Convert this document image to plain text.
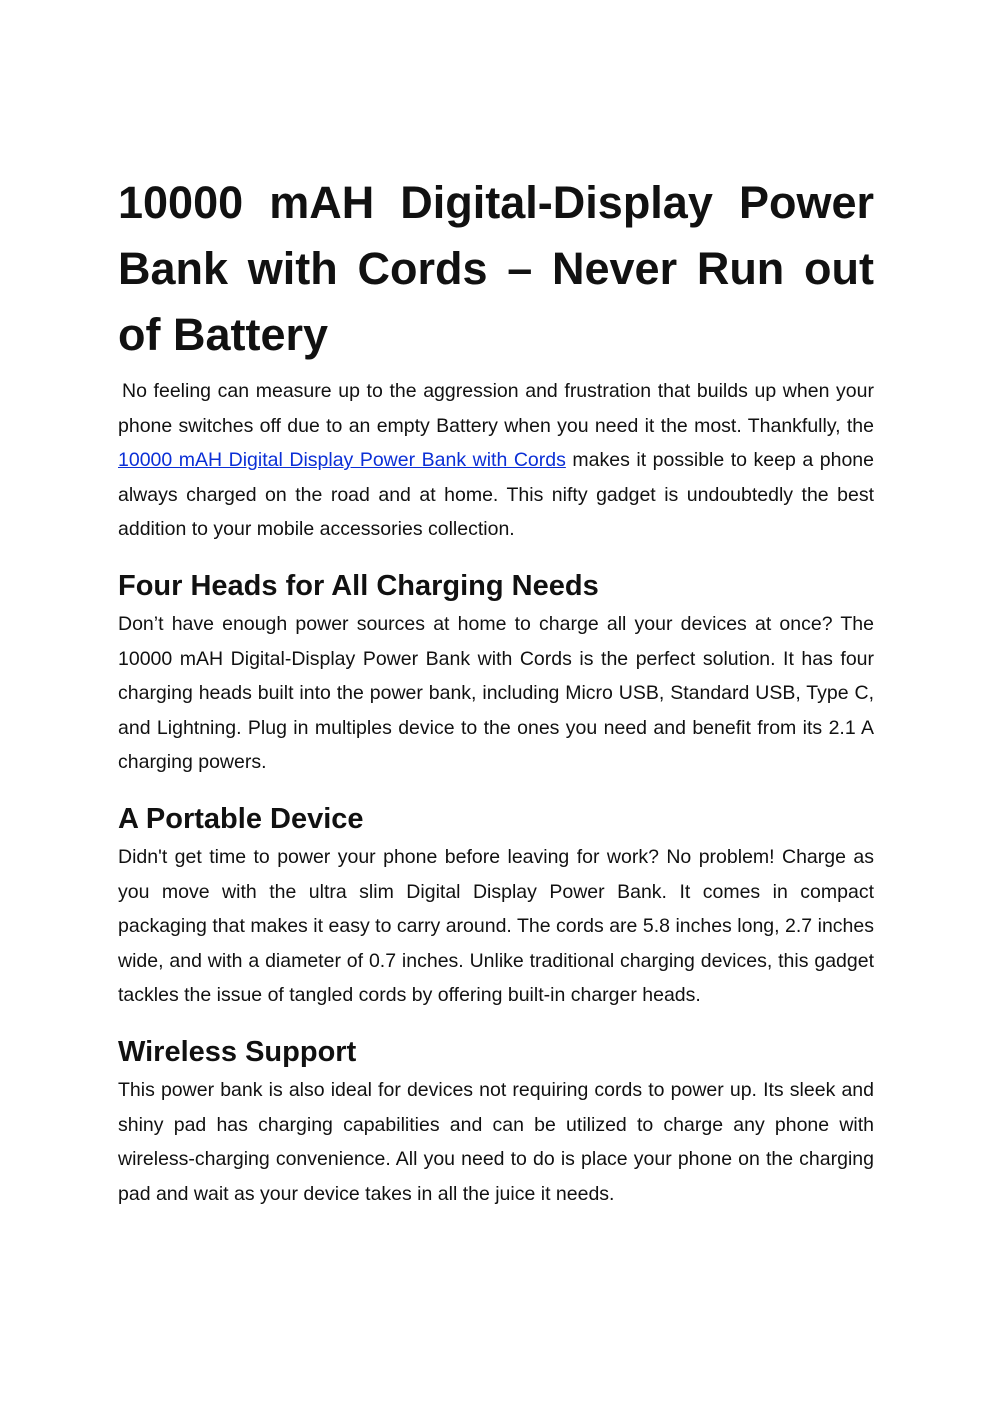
10000 mAH Digital-Display Power Bank with Cords – Never Run out of Battery

No feeling can measure up to the aggression and frustration that builds up when your phone switches off due to an empty Battery when you need it the most. Thankfully, the 10000 mAH Digital Display Power Bank with Cords makes it possible to keep a phone always charged on the road and at home. This nifty gadget is undoubtedly the best addition to your mobile accessories collection.

Four Heads for All Charging Needs

Don’t have enough power sources at home to charge all your devices at once? The 10000 mAH Digital-Display Power Bank with Cords is the perfect solution. It has four charging heads built into the power bank, including Micro USB, Standard USB, Type C, and Lightning. Plug in multiples device to the ones you need and benefit from its 2.1 A charging powers.

A Portable Device

Didn't get time to power your phone before leaving for work? No problem! Charge as you move with the ultra slim Digital Display Power Bank. It comes in compact packaging that makes it easy to carry around. The cords are 5.8 inches long, 2.7 inches wide, and with a diameter of 0.7 inches. Unlike traditional charging devices, this gadget tackles the issue of tangled cords by offering built-in charger heads.

Wireless Support

This power bank is also ideal for devices not requiring cords to power up. Its sleek and shiny pad has charging capabilities and can be utilized to charge any phone with wireless-charging convenience. All you need to do is place your phone on the charging pad and wait as your device takes in all the juice it needs.
